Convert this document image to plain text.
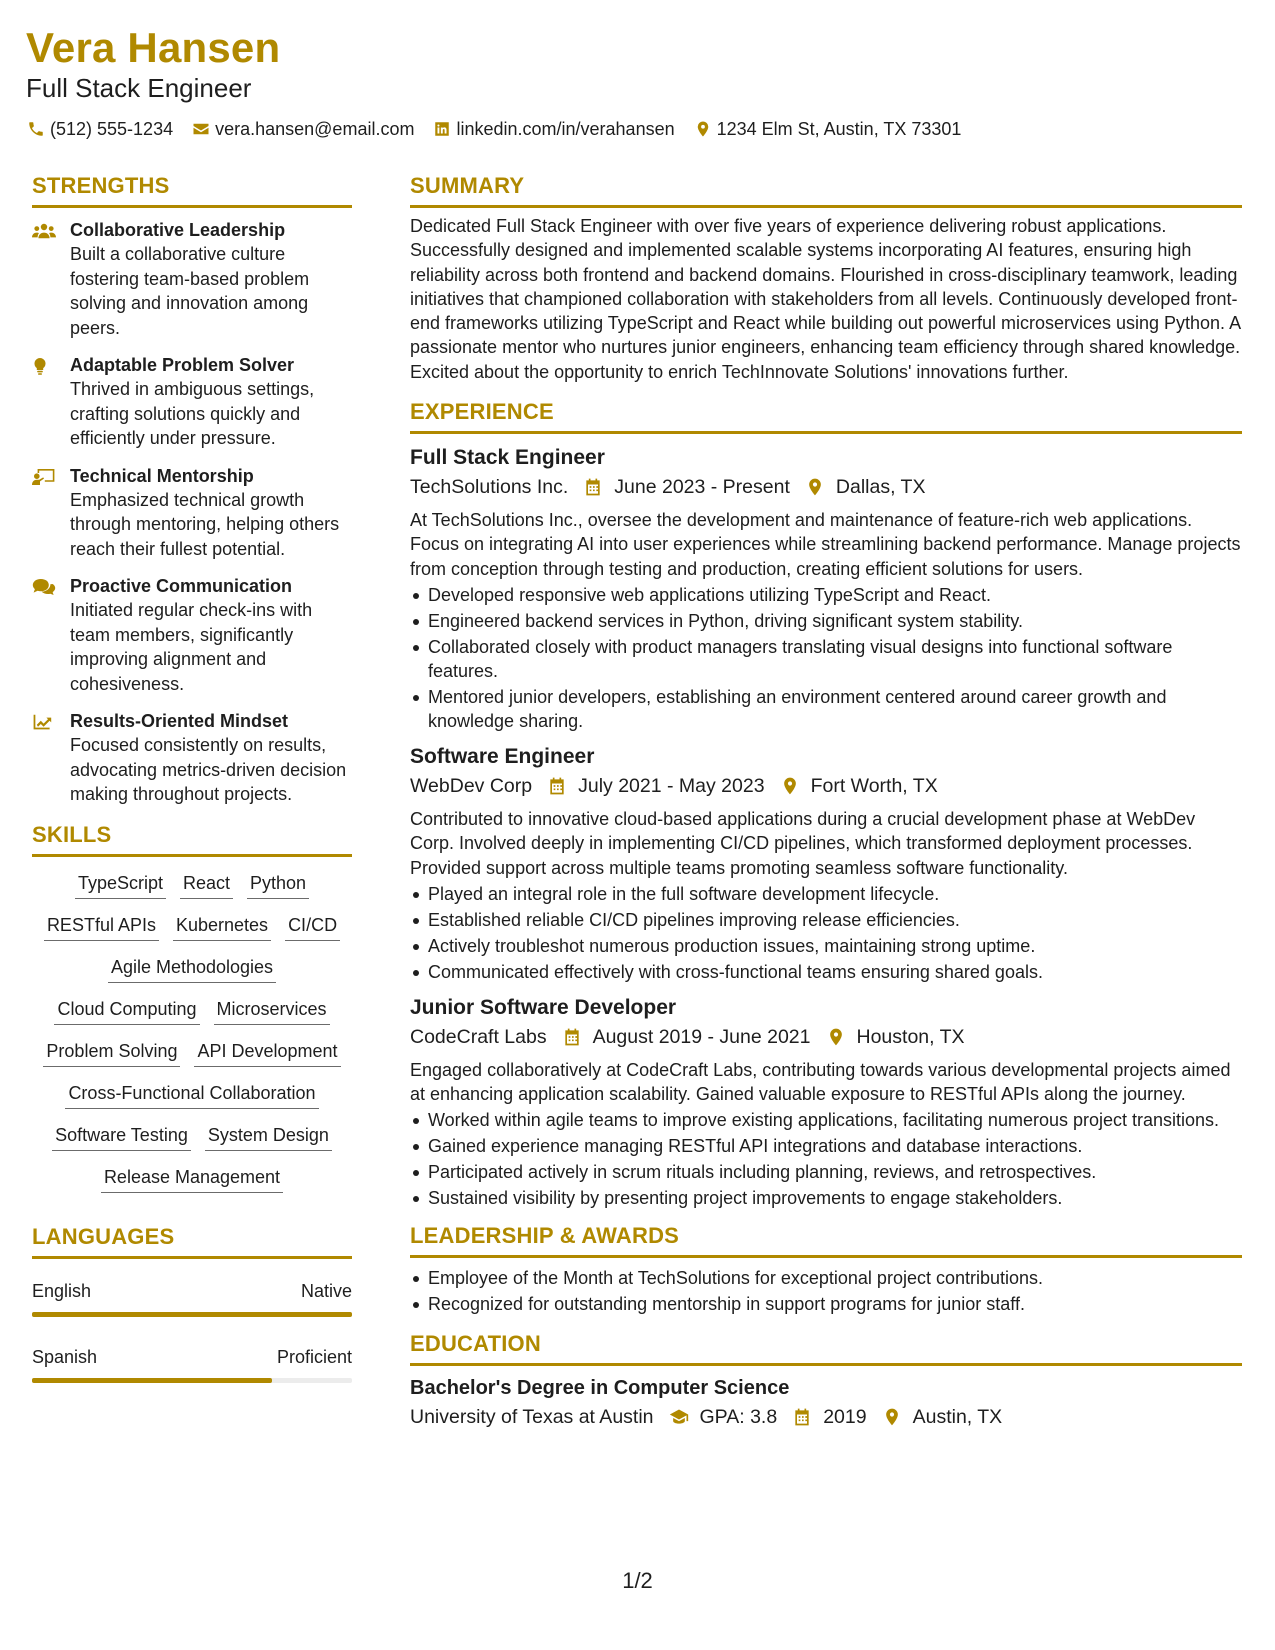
Vera Hansen
Full Stack Engineer
(512) 555-1234 vera.hansen@email.com linkedin.com/in/verahansen 1234 Elm St, Austin, TX 73301
STRENGTHS
Collaborative Leadership
Built a collaborative culture fostering team-based problem solving and innovation among peers.
Adaptable Problem Solver
Thrived in ambiguous settings, crafting solutions quickly and efficiently under pressure.
Technical Mentorship
Emphasized technical growth through mentoring, helping others reach their fullest potential.
Proactive Communication
Initiated regular check-ins with team members, significantly improving alignment and cohesiveness.
Results-Oriented Mindset
Focused consistently on results, advocating metrics-driven decision making throughout projects.
SKILLS
TypeScript React Python
RESTful APIs Kubernetes CI/CD
Agile Methodologies
Cloud Computing Microservices
Problem Solving API Development
Cross-Functional Collaboration
Software Testing System Design
Release Management
LANGUAGES
English	Native
Spanish	Proficient
SUMMARY
Dedicated Full Stack Engineer with over five years of experience delivering robust applications. Successfully designed and implemented scalable systems incorporating AI features, ensuring high reliability across both frontend and backend domains. Flourished in cross-disciplinary teamwork, leading initiatives that championed collaboration with stakeholders from all levels. Continuously developed front-end frameworks utilizing TypeScript and React while building out powerful microservices using Python. A passionate mentor who nurtures junior engineers, enhancing team efficiency through shared knowledge. Excited about the opportunity to enrich TechInnovate Solutions' innovations further.
EXPERIENCE
Full Stack Engineer
TechSolutions Inc. June 2023 - Present Dallas, TX
At TechSolutions Inc., oversee the development and maintenance of feature-rich web applications. Focus on integrating AI into user experiences while streamlining backend performance. Manage projects from conception through testing and production, creating efficient solutions for users.
Developed responsive web applications utilizing TypeScript and React.
Engineered backend services in Python, driving significant system stability.
Collaborated closely with product managers translating visual designs into functional software features.
Mentored junior developers, establishing an environment centered around career growth and knowledge sharing.
Software Engineer
WebDev Corp July 2021 - May 2023 Fort Worth, TX
Contributed to innovative cloud-based applications during a crucial development phase at WebDev Corp. Involved deeply in implementing CI/CD pipelines, which transformed deployment processes. Provided support across multiple teams promoting seamless software functionality.
Played an integral role in the full software development lifecycle.
Established reliable CI/CD pipelines improving release efficiencies.
Actively troubleshot numerous production issues, maintaining strong uptime.
Communicated effectively with cross-functional teams ensuring shared goals.
Junior Software Developer
CodeCraft Labs August 2019 - June 2021 Houston, TX
Engaged collaboratively at CodeCraft Labs, contributing towards various developmental projects aimed at enhancing application scalability. Gained valuable exposure to RESTful APIs along the journey.
Worked within agile teams to improve existing applications, facilitating numerous project transitions.
Gained experience managing RESTful API integrations and database interactions.
Participated actively in scrum rituals including planning, reviews, and retrospectives.
Sustained visibility by presenting project improvements to engage stakeholders.
LEADERSHIP & AWARDS
Employee of the Month at TechSolutions for exceptional project contributions.
Recognized for outstanding mentorship in support programs for junior staff.
EDUCATION
Bachelor's Degree in Computer Science
University of Texas at Austin GPA: 3.8 2019 Austin, TX
1/2
